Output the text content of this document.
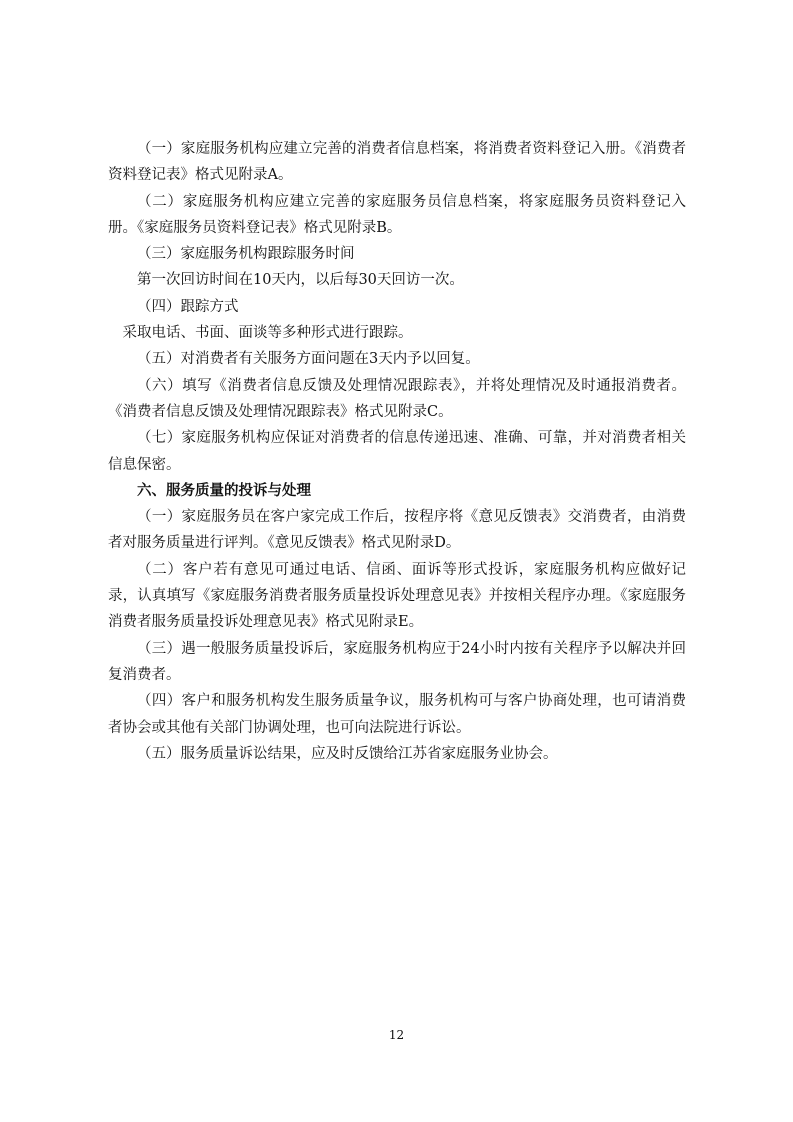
（一）家庭服务机构应建立完善的消费者信息档案，将消费者资料登记入册。《消费者资料登记表》格式见附录A。

（二）家庭服务机构应建立完善的家庭服务员信息档案，将家庭服务员资料登记入册。《家庭服务员资料登记表》格式见附录B。

（三）家庭服务机构跟踪服务时间

第一次回访时间在10天内，以后每30天回访一次。

（四）跟踪方式

采取电话、书面、面谈等多种形式进行跟踪。

（五）对消费者有关服务方面问题在3天内予以回复。

（六）填写《消费者信息反馈及处理情况跟踪表》，并将处理情况及时通报消费者。《消费者信息反馈及处理情况跟踪表》格式见附录C。

（七）家庭服务机构应保证对消费者的信息传递迅速、准确、可靠，并对消费者相关信息保密。

六、服务质量的投诉与处理

（一）家庭服务员在客户家完成工作后，按程序将《意见反馈表》交消费者，由消费者对服务质量进行评判。《意见反馈表》格式见附录D。

（二）客户若有意见可通过电话、信函、面诉等形式投诉，家庭服务机构应做好记录，认真填写《家庭服务消费者服务质量投诉处理意见表》并按相关程序办理。《家庭服务消费者服务质量投诉处理意见表》格式见附录E。

（三）遇一般服务质量投诉后，家庭服务机构应于24小时内按有关程序予以解决并回复消费者。

（四）客户和服务机构发生服务质量争议，服务机构可与客户协商处理，也可请消费者协会或其他有关部门协调处理，也可向法院进行诉讼。

（五）服务质量诉讼结果，应及时反馈给江苏省家庭服务业协会。

12
